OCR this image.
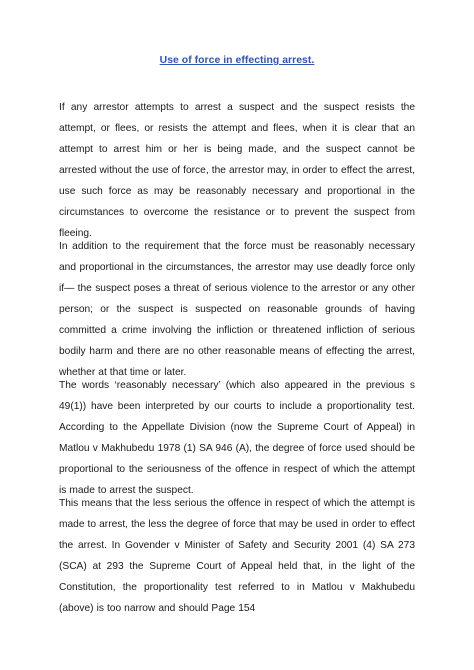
Use of force in effecting arrest.

If any arrestor attempts to arrest a suspect and the suspect resists the attempt, or flees, or resists the attempt and flees, when it is clear that an attempt to arrest him or her is being made, and the suspect cannot be arrested without the use of force, the arrestor may, in order to effect the arrest, use such force as may be reasonably necessary and proportional in the circumstances to overcome the resistance or to prevent the suspect from fleeing.

In addition to the requirement that the force must be reasonably necessary and proportional in the circumstances, the arrestor may use deadly force only if— the suspect poses a threat of serious violence to the arrestor or any other person; or the suspect is suspected on reasonable grounds of having committed a crime involving the infliction or threatened infliction of serious bodily harm and there are no other reasonable means of effecting the arrest, whether at that time or later.

The words ‘reasonably necessary’ (which also appeared in the previous s 49(1)) have been interpreted by our courts to include a proportionality test. According to the Appellate Division (now the Supreme Court of Appeal) in Matlou v Makhubedu 1978 (1) SA 946 (A), the degree of force used should be proportional to the seriousness of the offence in respect of which the attempt is made to arrest the suspect.

This means that the less serious the offence in respect of which the attempt is made to arrest, the less the degree of force that may be used in order to effect the arrest. In Govender v Minister of Safety and Security 2001 (4) SA 273 (SCA) at 293 the Supreme Court of Appeal held that, in the light of the Constitution, the proportionality test referred to in Matlou v Makhubedu (above) is too narrow and should Page 154
